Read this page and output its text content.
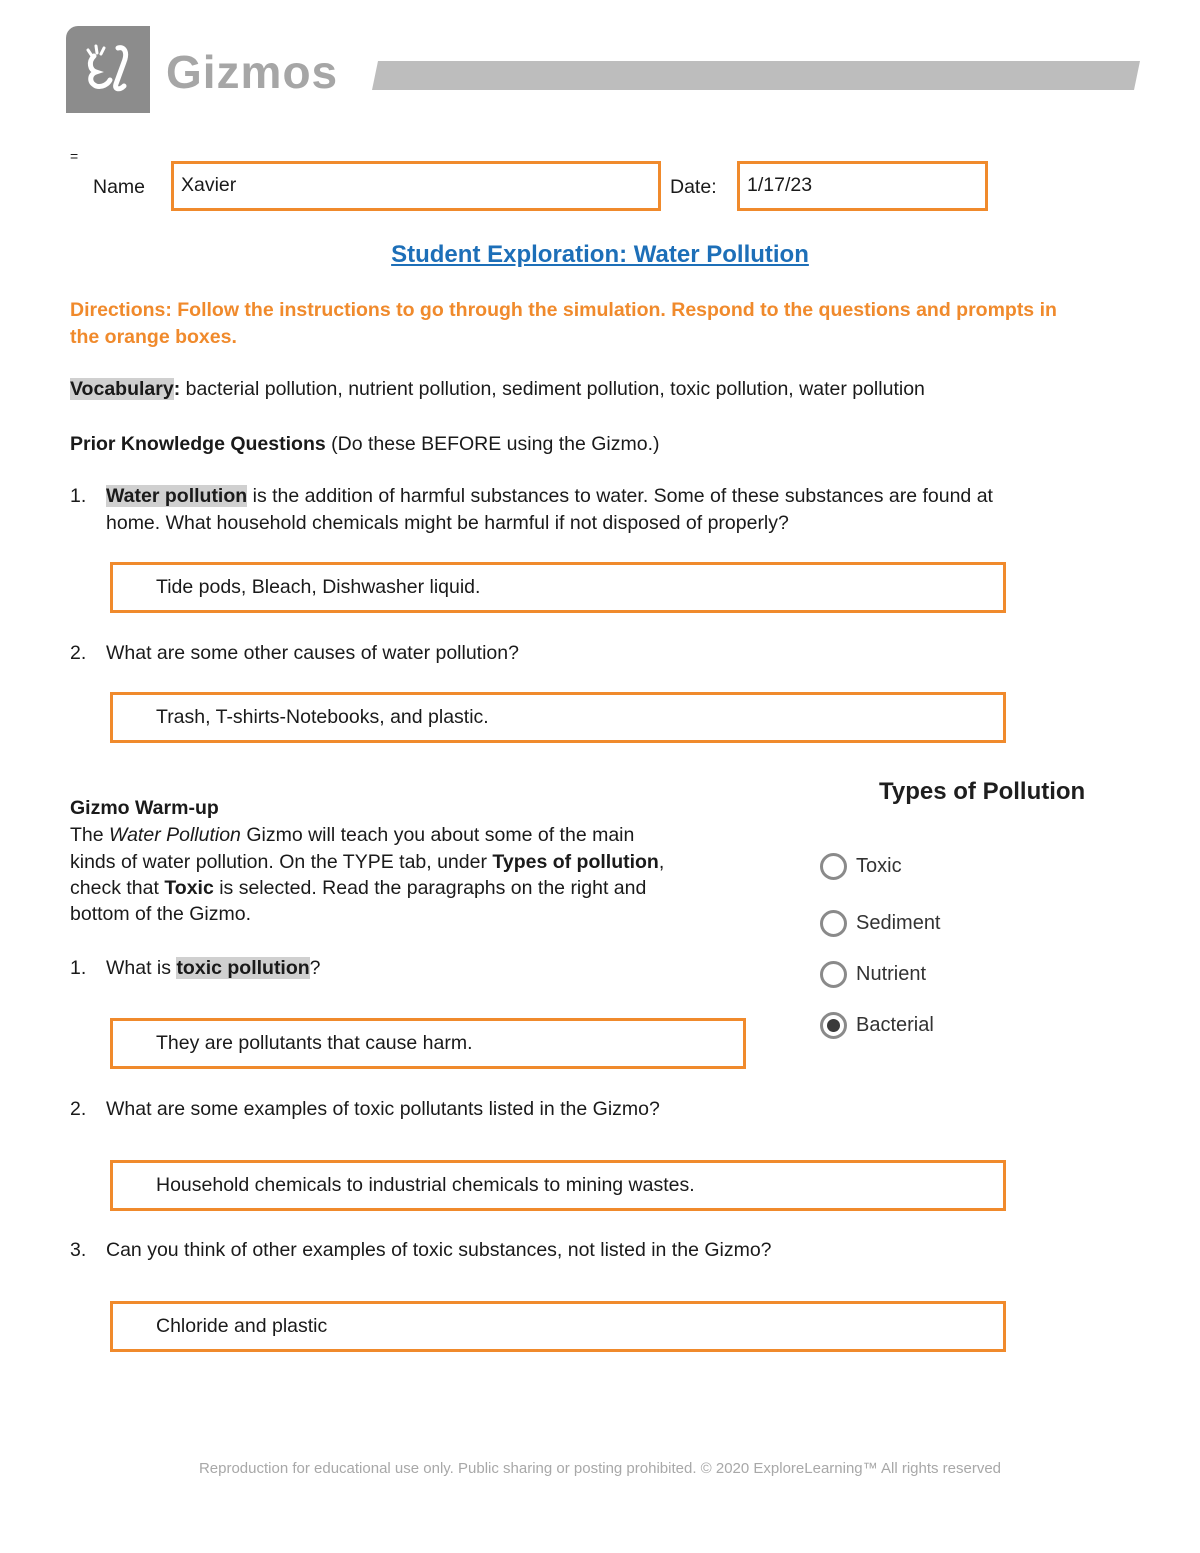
Gizmos
=
Name	Xavier	Date:	1/17/23
Student Exploration: Water Pollution
Directions: Follow the instructions to go through the simulation. Respond to the questions and prompts in the orange boxes.
Vocabulary: bacterial pollution, nutrient pollution, sediment pollution, toxic pollution, water pollution
Prior Knowledge Questions (Do these BEFORE using the Gizmo.)
1. Water pollution is the addition of harmful substances to water. Some of these substances are found at
home. What household chemicals might be harmful if not disposed of properly?
Tide pods, Bleach, Dishwasher liquid.
2. What are some other causes of water pollution?
Trash, T-shirts-Notebooks, and plastic.
Gizmo Warm-up
The Water Pollution Gizmo will teach you about some of the main
kinds of water pollution. On the TYPE tab, under Types of pollution,
check that Toxic is selected. Read the paragraphs on the right and
bottom of the Gizmo.
1. What is toxic pollution?
They are pollutants that cause harm.
2. What are some examples of toxic pollutants listed in the Gizmo?
Household chemicals to industrial chemicals to mining wastes.
3. Can you think of other examples of toxic substances, not listed in the Gizmo?
Chloride and plastic
Types of Pollution
Toxic
Sediment
Nutrient
Bacterial
Reproduction for educational use only. Public sharing or posting prohibited. © 2020 ExploreLearning™ All rights reserved
